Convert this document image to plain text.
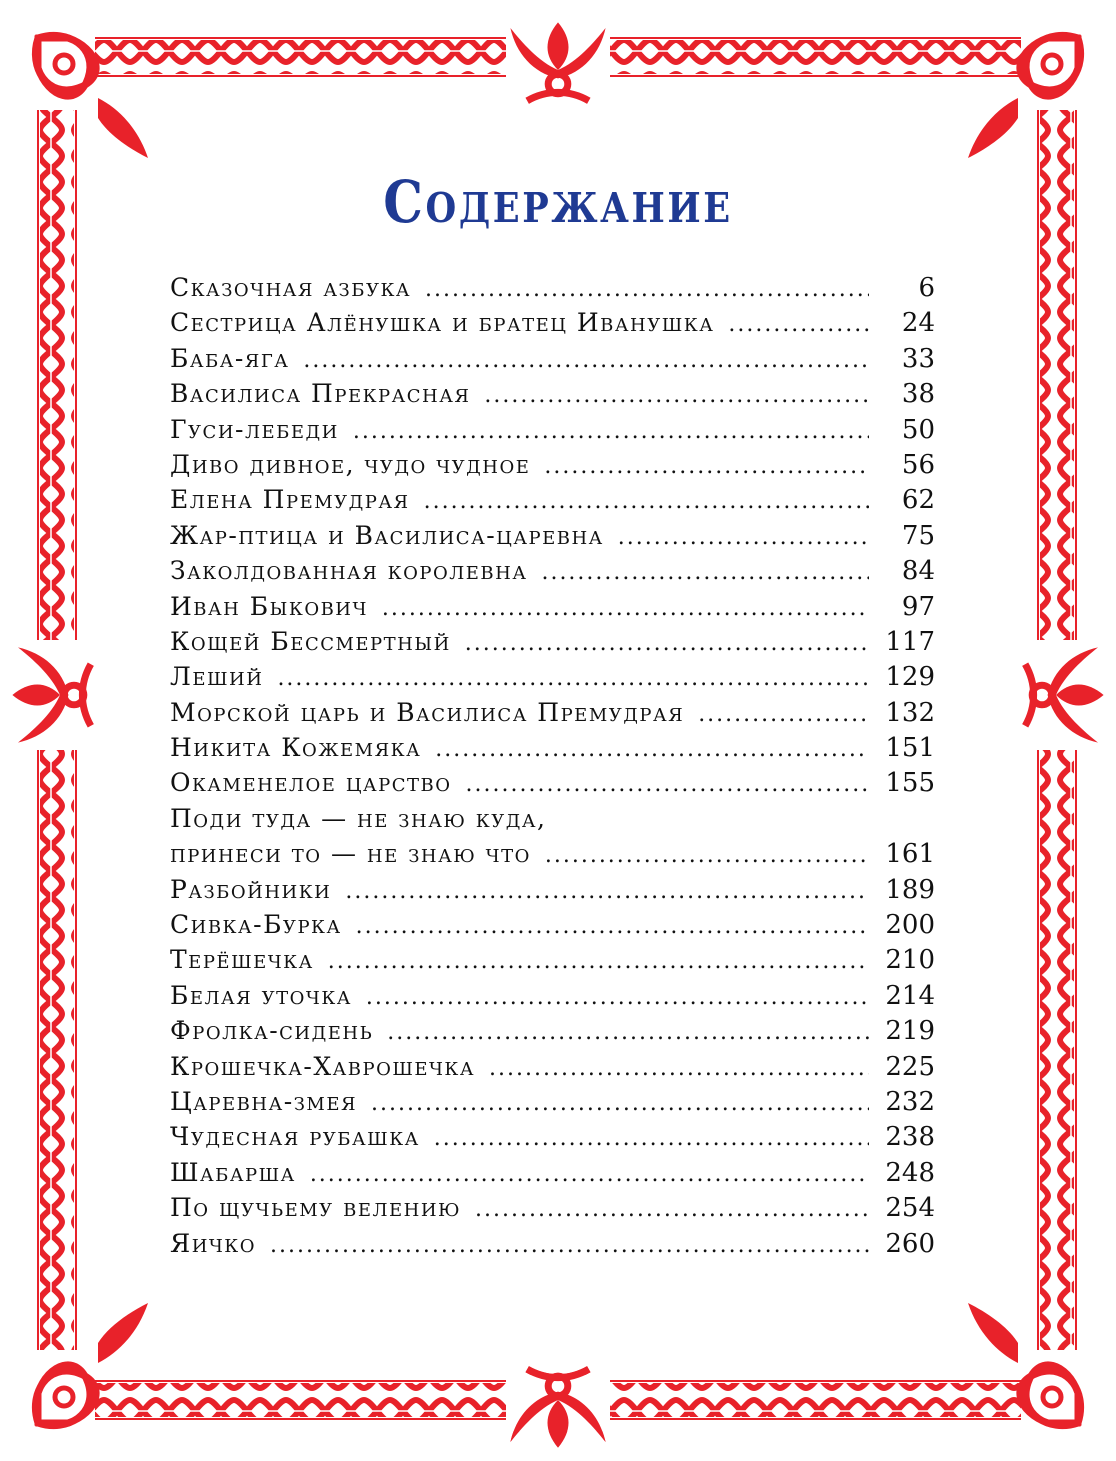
Содержание
Сказочная азбука .....	6
Сестрица Алёнушка и братец Иванушка .....	24
Баба-яга .....	33
Василиса Прекрасная .....	38
Гуси-лебеди .....	50
Диво дивное, чудо чудное .....	56
Елена Премудрая .....	62
Жар-птица и Василиса-царевна .....	75
Заколдованная королевна .....	84
Иван Быкович .....	97
Кощей Бессмертный .....	117
Леший .....	129
Морской царь и Василиса Премудрая .....	132
Никита Кожемяка .....	151
Окаменелое царство .....	155
Поди туда — не знаю куда,
принеси то — не знаю что .....	161
Разбойники .....	189
Сивка-Бурка .....	200
Терёшечка .....	210
Белая уточка .....	214
Фролка-сидень .....	219
Крошечка-Хаврошечка .....	225
Царевна-змея .....	232
Чудесная рубашка .....	238
Шабарша .....	248
По щучьему велению .....	254
Яичко .....	260
